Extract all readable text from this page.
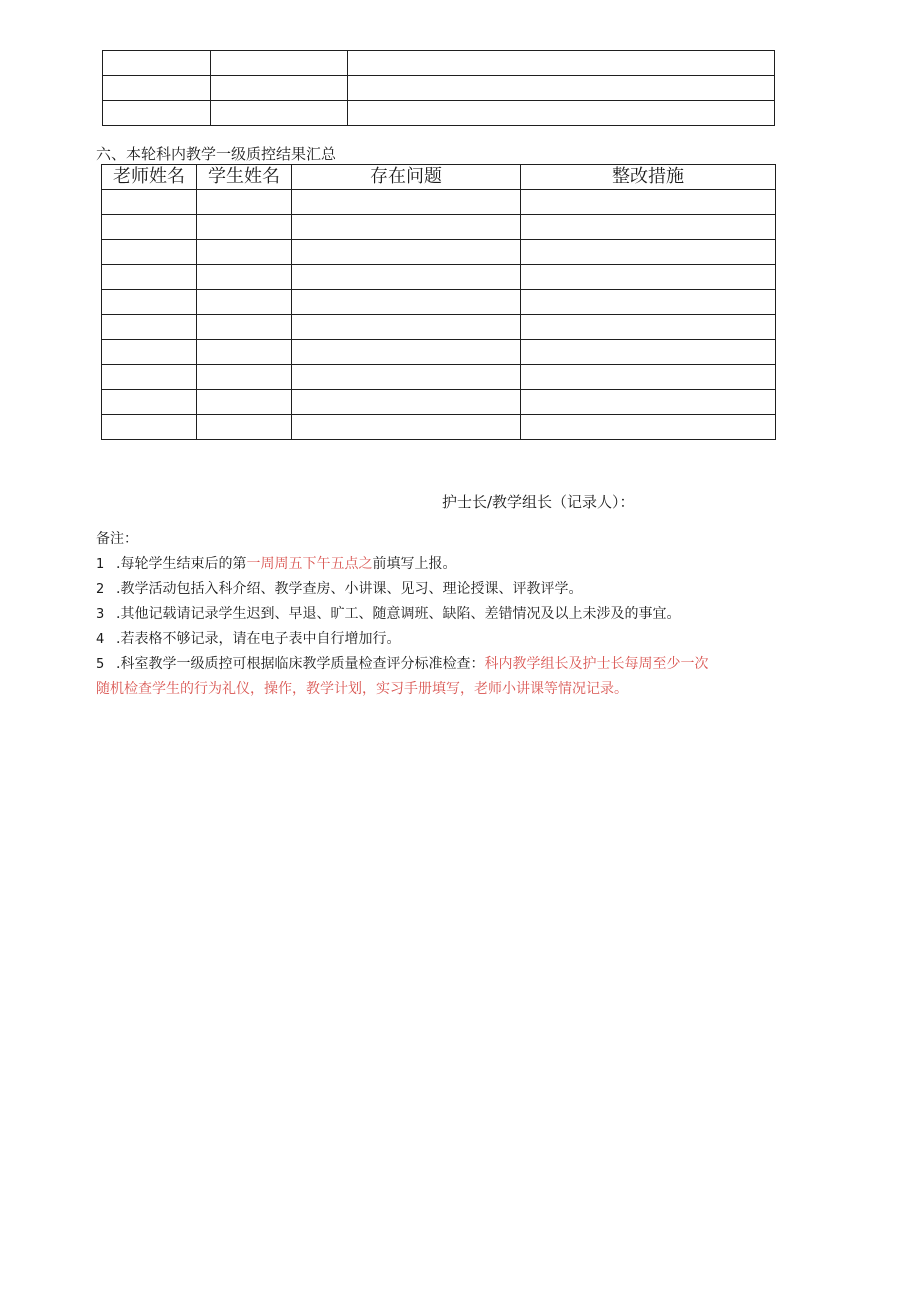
六、本轮科内教学一级质控结果汇总
老师姓名	学生姓名	存在问题	整改措施

护士长/教学组长（记录人）：
备注：
1 .每轮学生结束后的第一周周五下午五点之前填写上报。
2 .教学活动包括入科介绍、教学查房、小讲课、见习、理论授课、评教评学。
3 .其他记载请记录学生迟到、早退、旷工、随意调班、缺陷、差错情况及以上未涉及的事宜。
4 .若表格不够记录，请在电子表中自行增加行。
5 .科室教学一级质控可根据临床教学质量检查评分标准检查：科内教学组长及护士长每周至少一次
随机检查学生的行为礼仪，操作，教学计划，实习手册填写，老师小讲课等情况记录。
